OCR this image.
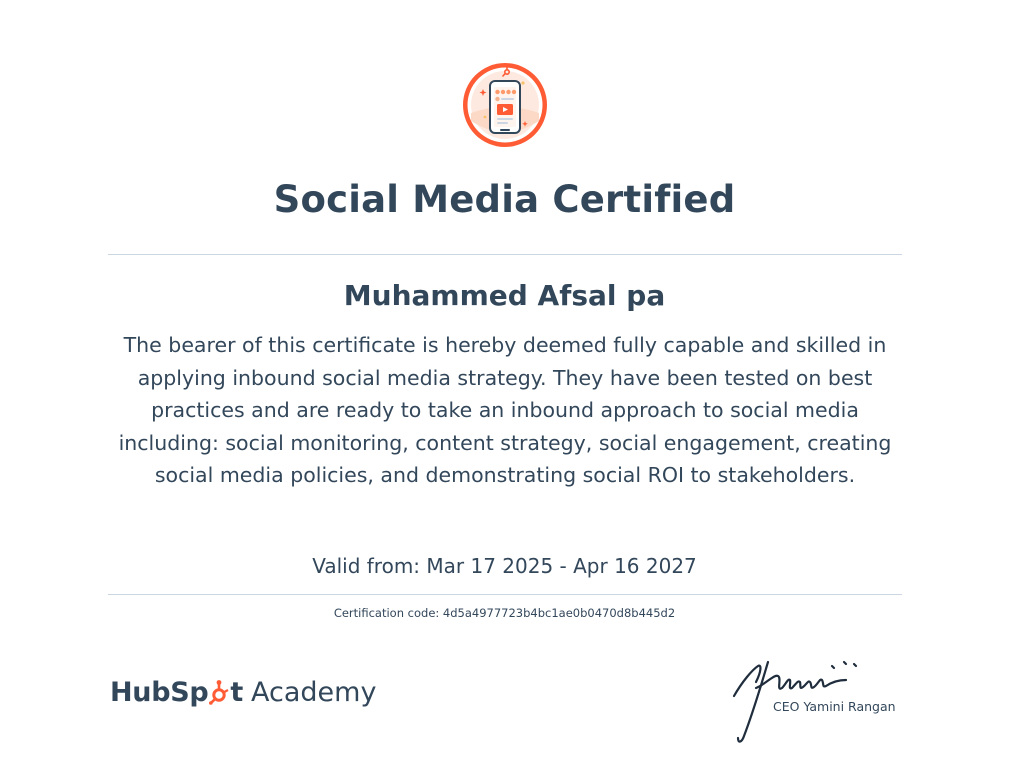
Social Media Certified
Muhammed Afsal pa
The bearer of this certificate is hereby deemed fully capable and skilled in
applying inbound social media strategy. They have been tested on best
practices and are ready to take an inbound approach to social media
including: social monitoring, content strategy, social engagement, creating
social media policies, and demonstrating social ROI to stakeholders.
Valid from: Mar 17 2025 - Apr 16 2027
Certification code: 4d5a4977723b4bc1ae0b0470d8b445d2
HubSp t Academy	CEO Yamini Rangan
